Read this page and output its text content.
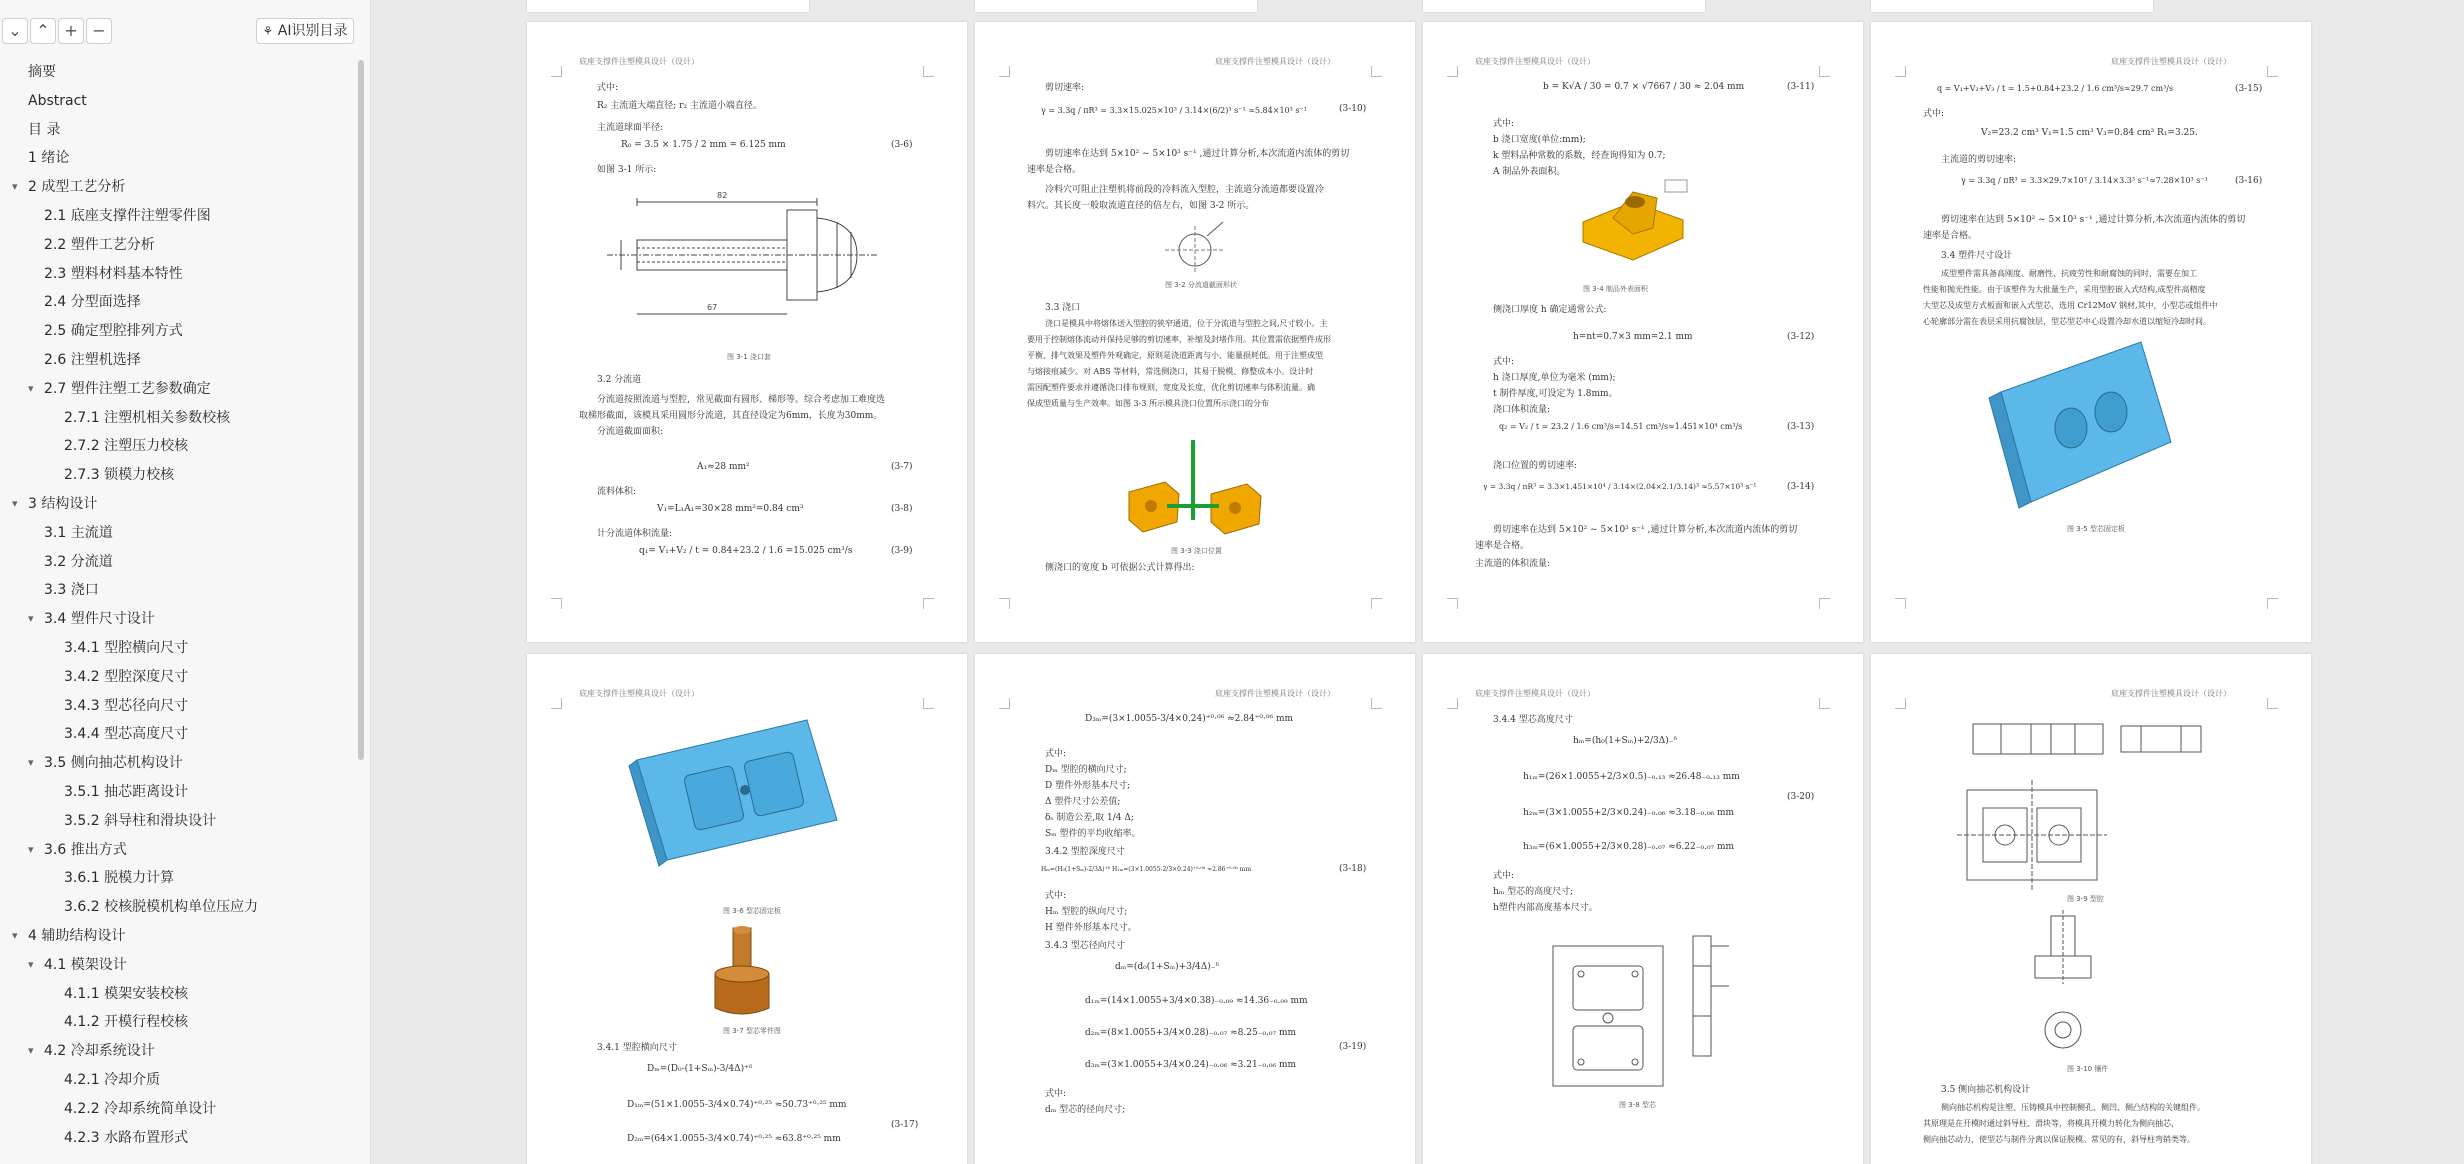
⌄ ⌃ + −	⚘ AI识别目录
摘要
Abstract
目 录
1 绪论
▾ 2 成型工艺分析
2.1 底座支撑件注塑零件图
2.2 塑件工艺分析
2.3 塑料材料基本特性
2.4 分型面选择
2.5 确定型腔排列方式
2.6 注塑机选择
▾ 2.7 塑件注塑工艺参数确定
2.7.1 注塑机相关参数校核
2.7.2 注塑压力校核
2.7.3 锁模力校核
▾ 3 结构设计
3.1 主流道
3.2 分流道
3.3 浇口
▾ 3.4 塑件尺寸设计
3.4.1 型腔横向尺寸
3.4.2 型腔深度尺寸
3.4.3 型芯径向尺寸
3.4.4 型芯高度尺寸
▾ 3.5 侧向抽芯机构设计
3.5.1 抽芯距离设计
3.5.2 斜导柱和滑块设计
▾ 3.6 推出方式
3.6.1 脱模力计算
3.6.2 校核脱模机构单位压应力
▾ 4 辅助结构设计
▾ 4.1 模架设计
4.1.1 模架安装校核
4.1.2 开模行程校核
▾ 4.2 冷却系统设计
4.2.1 冷却介质
4.2.2 冷却系统简单设计
4.2.3 水路布置形式
底座支撑件注塑模具设计（设计）
式中:
R₂ 主流道大端直径; r₂ 主流道小端直径。
主流道球面半径:
R₀ = 3.5 × 1.75 / 2 mm = 6.125 mm	(3-6)
如图 3-1 所示:
82
67
图 3-1 浇口套
3.2 分流道
分流道按照流道与型腔，常见截面有圆形、梯形等。综合考虑加工难度选
取梯形截面，该模具采用圆形分流道，其直径设定为6mm，长度为30mm。
分流道截面面积:
A₁≈28 mm²	(3-7)
流料体积:
V₁=L₁A₁=30×28 mm²=0.84 cm³	(3-8)
计分流道体积流量:
q₁= V₁+V₂ / t = 0.84+23.2 / 1.6 =15.025 cm³/s	(3-9)
底座支撑件注塑模具设计（设计）
剪切速率:
γ = 3.3q / πR³ = 3.3×15.025×10³ / 3.14×(6/2)³ s⁻¹ ≈5.84×10³ s⁻¹	(3-10)
剪切速率在达到 5×10² ~ 5×10³ s⁻¹ ,通过计算分析,本次流道内流体的剪切
速率是合格。
冷料穴可阻止注塑机将前段的冷料流入型腔，主流道分流道都要设置冷
料穴。其长度一般取流道直径的倍左右，如图 3-2 所示。
图 3-2 分流道截面形状
3.3 浇口
浇口是模具中将熔体送入型腔的狭窄通道，位于分流道与型腔之间,尺寸较小。主
要用于控制熔体流动并保持足够的剪切速率，补缩及封堵作用。其位置需依据塑件成形
平衡、排气效果及塑件外观确定，原则是浇道距离与小、能量损耗低。用于注塑成型
与熔接痕减少。对 ABS 等材料，常选侧浇口，其易于脱模、修整成本小。设计时
需因配塑件要求并遵循浇口排布规则，宽度及长度，优化剪切速率与体积流量。确
保成型质量与生产效率。如图 3-3 所示模具浇口位置所示浇口的分布
图 3-3 浇口位置
侧浇口的宽度 b 可依据公式计算得出:
底座支撑件注塑模具设计（设计）
b = K√A / 30 = 0.7 × √7667 / 30 ≈ 2.04 mm	(3-11)
式中:
b 浇口宽度(单位:mm);
k 塑料品种常数的系数，经查询得知为 0.7;
A 制品外表面积。
图 3-4 制品外表面积
侧浇口厚度 h 确定通常公式:
h=nt=0.7×3 mm=2.1 mm	(3-12)
式中:
h 浇口厚度,单位为毫米 (mm);
t 制件厚度,可设定为 1.8mm。
浇口体积流量:
q₂ = V₂ / t = 23.2 / 1.6 cm³/s=14.51 cm³/s≈1.451×10⁴ cm³/s	(3-13)
浇口位置的剪切速率:
γ = 3.3q / πR³ = 3.3×1.451×10⁴ / 3.14×(2.04×2.1/3.14)³ ≈5.57×10³ s⁻¹	(3-14)
剪切速率在达到 5×10² ~ 5×10³ s⁻¹ ,通过计算分析,本次流道内流体的剪切
速率是合格。
主流道的体积流量:
底座支撑件注塑模具设计（设计）
q = V₁+V₂+V₃ / t = 1.5+0.84+23.2 / 1.6 cm³/s≈29.7 cm³/s	(3-15)
式中:
V₂=23.2 cm³ V₁=1.5 cm³ V₃=0.84 cm³ R₁=3.25.
主流道的剪切速率:
γ = 3.3q / πR³ = 3.3×29.7×10³ / 3.14×3.3³ s⁻¹≈7.28×10³ s⁻¹	(3-16)
剪切速率在达到 5×10² ~ 5×10³ s⁻¹ ,通过计算分析,本次流道内流体的剪切
速率是合格。
3.4 塑件尺寸设计
成型塑件需具备高刚度、耐磨性、抗疲劳性和耐腐蚀的同时，需要在加工
性能和抛光性能。由于该塑件为大批量生产，采用型腔嵌入式结构,成型件高精度
大型芯及成型方式板面和嵌入式型芯，选用 Cr12MoV 钢材,其中，小型芯或组件中
心轮廓部分需在表层采用抗腐蚀层，型芯型芯中心设置冷却水道以缩短冷却时间。
图 3-5 型芯固定板
底座支撑件注塑模具设计（设计）
图 3-6 型芯固定板
图 3-7 型芯零件图
3.4.1 型腔横向尺寸
Dₘ=(D₀-(1+Sₘ)-3/4Δ)⁺ᵟ
D₁ₘ=(51×1.0055-3/4×0.74)⁺⁰·²⁵ ≈50.73⁺⁰·²⁵ mm
D₂ₘ=(64×1.0055-3/4×0.74)⁺⁰·²⁵ ≈63.8⁺⁰·²⁵ mm
(3-17)
底座支撑件注塑模具设计（设计）
D₃ₘ=(3×1.0055-3/4×0.24)⁺⁰·⁰⁶ ≈2.84⁺⁰·⁰⁶ mm
式中:
Dₘ 型腔的横向尺寸;
D 塑件外形基本尺寸;
Δ 塑件尺寸公差值;
δₛ 制造公差,取 1/4 Δ;
Sₘ 塑件的平均收缩率。
3.4.2 型腔深度尺寸
Hₘ=(H₀(1+Sₘ)-2/3Δ)⁺ᵟ H₁ₘ=(3×1.0055-2/3×0.24)⁺⁰·⁰⁶ ≈2.86⁺⁰·⁰⁶ mm	(3-18)
式中:
Hₘ 型腔的纵向尺寸;
H 塑件外形基本尺寸。
3.4.3 型芯径向尺寸
dₘ=(d₀(1+Sₘ)+3/4Δ)₋ᵟ
d₁ₘ=(14×1.0055+3/4×0.38)₋₀.₀₉ ≈14.36₋₀.₀₉ mm
d₂ₘ=(8×1.0055+3/4×0.28)₋₀.₀₇ ≈8.25₋₀.₀₇ mm
d₃ₘ=(3×1.0055+3/4×0.24)₋₀.₀₆ ≈3.21₋₀.₀₆ mm
(3-19)
式中:
dₘ 型芯的径向尺寸;
底座支撑件注塑模具设计（设计）
3.4.4 型芯高度尺寸
hₘ=(h₀(1+Sₘ)+2/3Δ)₋ᵟ
h₁ₘ=(26×1.0055+2/3×0.5)₋₀.₁₃ ≈26.48₋₀.₁₃ mm
h₂ₘ=(3×1.0055+2/3×0.24)₋₀.₀₆ ≈3.18₋₀.₀₆ mm
h₃ₘ=(6×1.0055+2/3×0.28)₋₀.₀₇ ≈6.22₋₀.₀₇ mm
(3-20)
式中:
hₘ 型芯的高度尺寸;
h塑件内部高度基本尺寸。
图 3-8 型芯
底座支撑件注塑模具设计（设计）
图 3-9 型腔
图 3-10 镶件
3.5 侧向抽芯机构设计
侧向抽芯机构是注塑、压铸模具中控制侧孔、侧凹、侧凸结构的关键组件。
其原理是在开模时通过斜导柱、滑块等，将模具开模力转化为侧向抽芯，
侧向抽芯动力，使型芯与制件分离以保证脱模。常见的有，斜导柱弯销类等。
